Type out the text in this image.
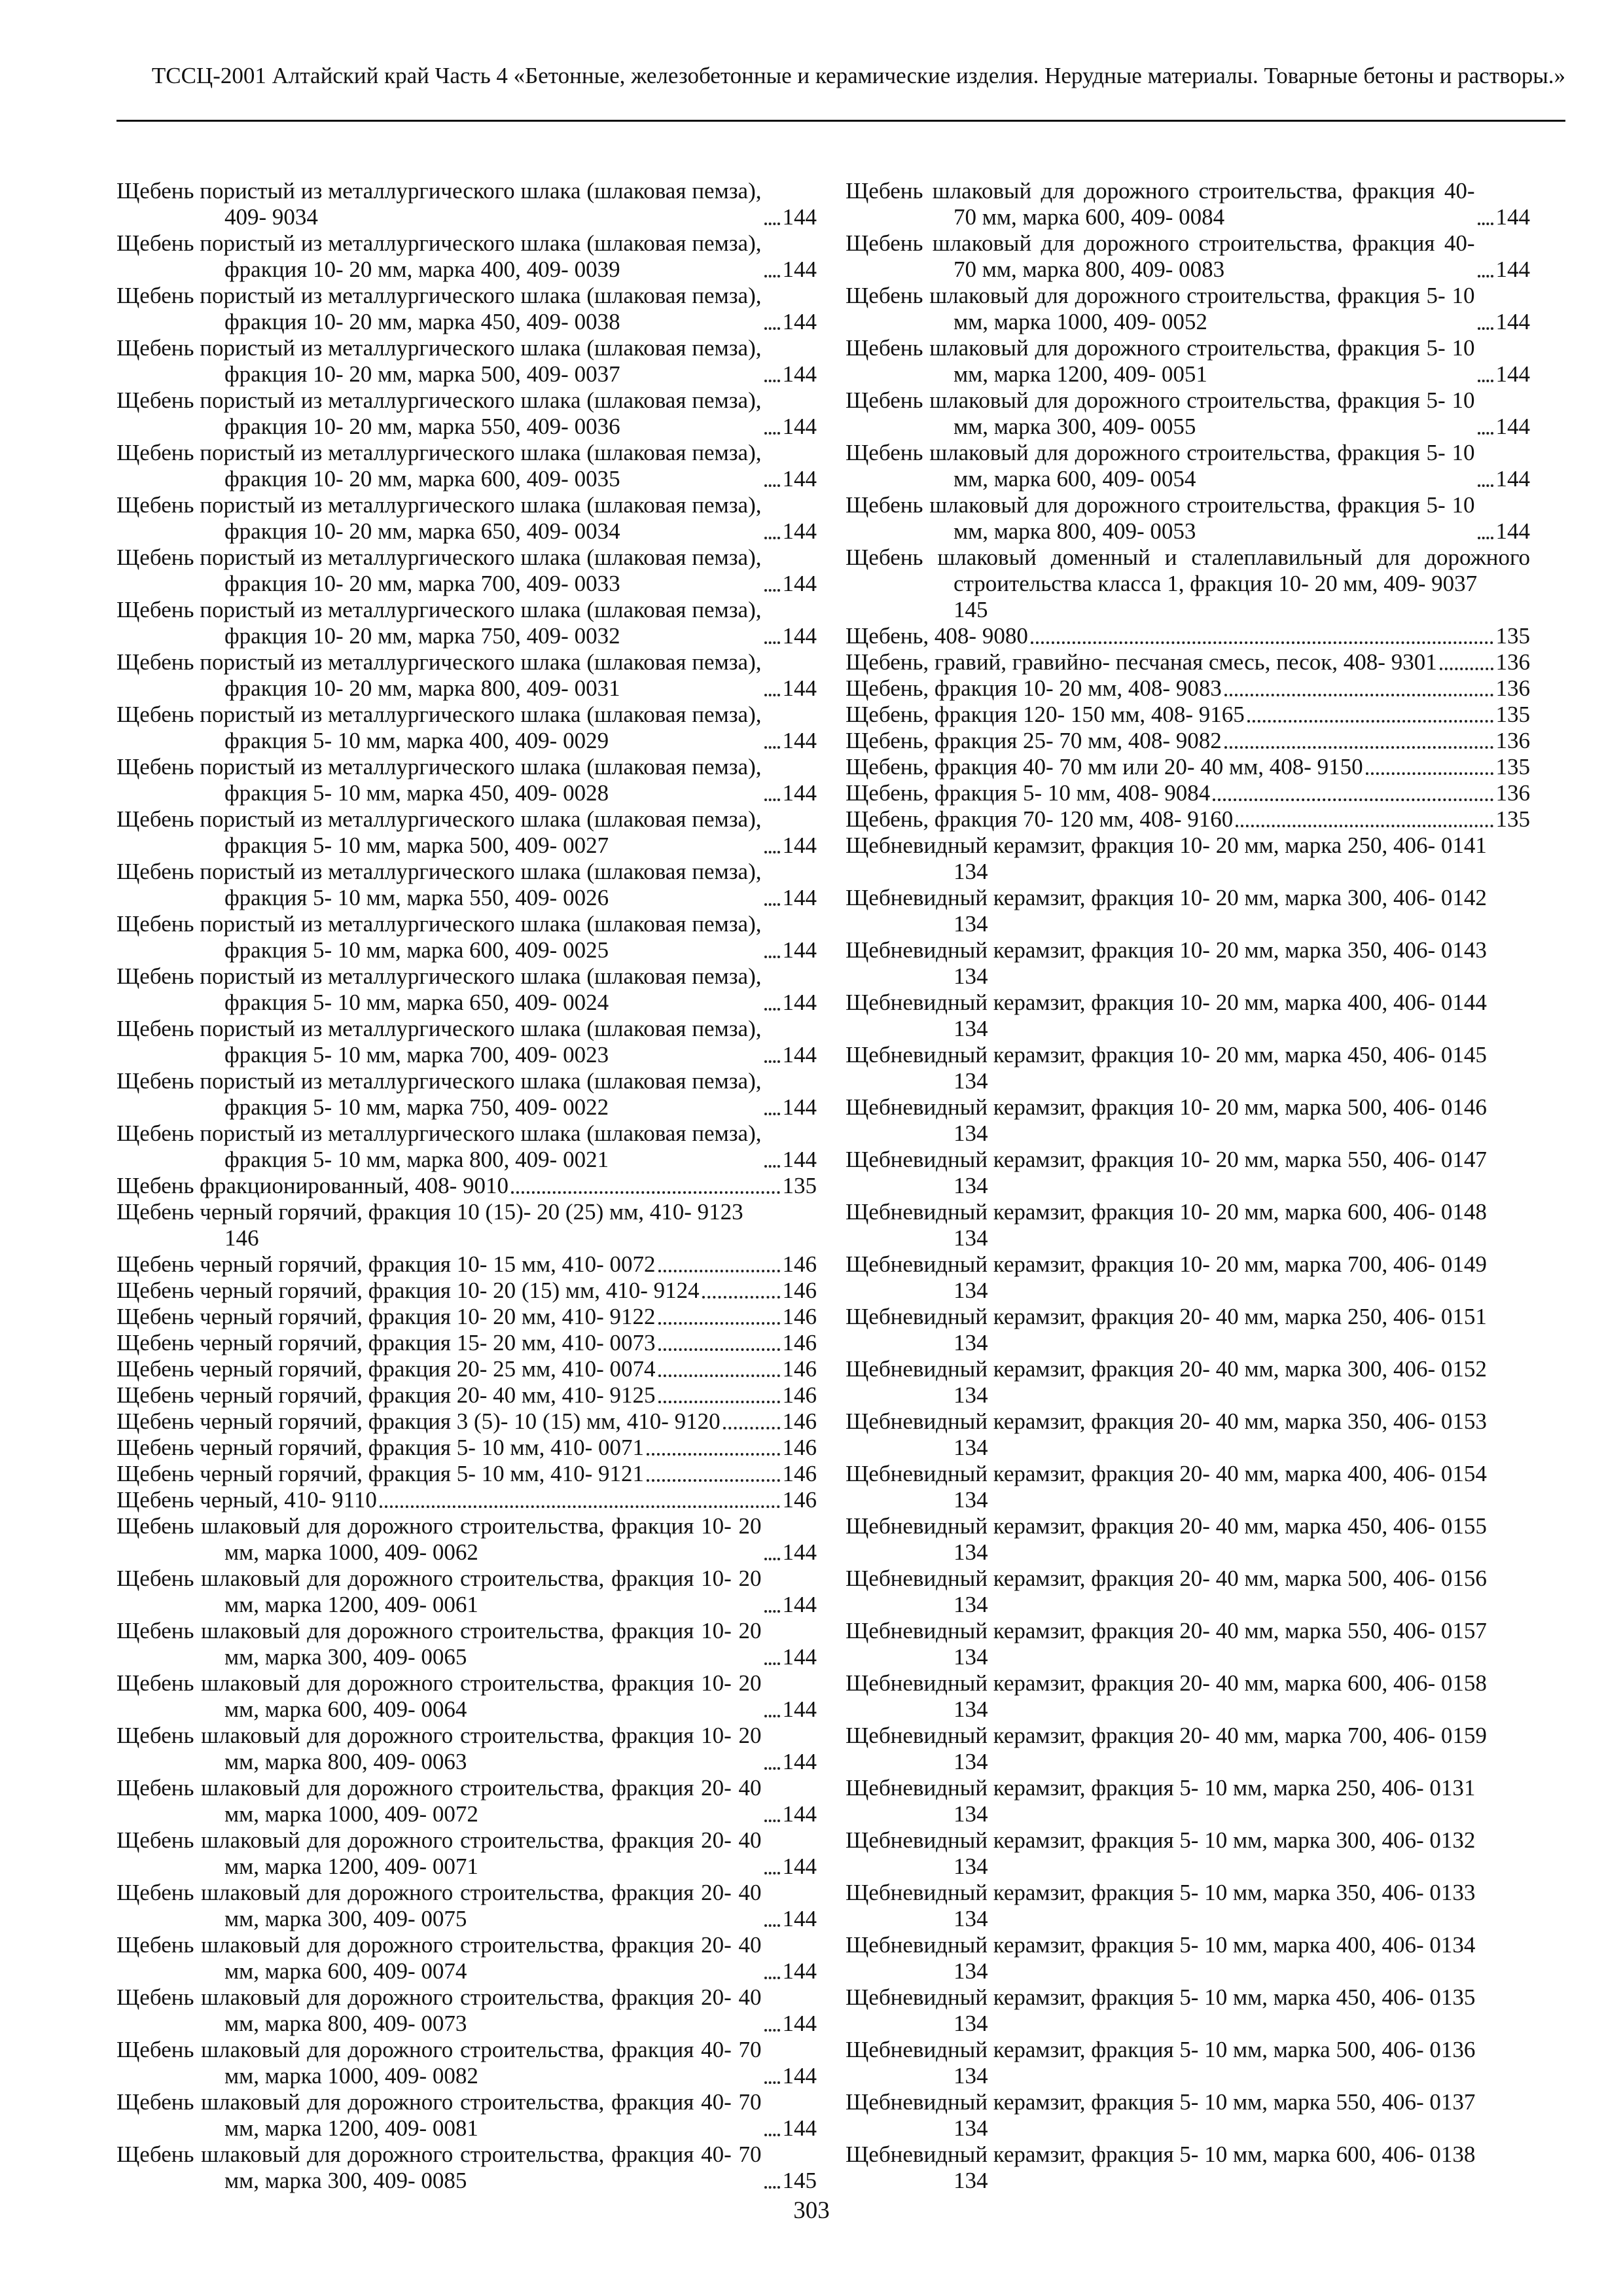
ТССЦ-2001 Алтайский край Часть 4 «Бетонные, железобетонные и керамические изделия. Нерудные материалы. Товарные бетоны и растворы.»
Щебень пористый из металлургического шлака (шлаковая пемза), 409- 9034	144
Щебень пористый из металлургического шлака (шлаковая пемза), фракция 10- 20 мм, марка 400, 409- 0039	144
Щебень пористый из металлургического шлака (шлаковая пемза), фракция 10- 20 мм, марка 450, 409- 0038	144
Щебень пористый из металлургического шлака (шлаковая пемза), фракция 10- 20 мм, марка 500, 409- 0037	144
Щебень пористый из металлургического шлака (шлаковая пемза), фракция 10- 20 мм, марка 550, 409- 0036	144
Щебень пористый из металлургического шлака (шлаковая пемза), фракция 10- 20 мм, марка 600, 409- 0035	144
Щебень пористый из металлургического шлака (шлаковая пемза), фракция 10- 20 мм, марка 650, 409- 0034	144
Щебень пористый из металлургического шлака (шлаковая пемза), фракция 10- 20 мм, марка 700, 409- 0033	144
Щебень пористый из металлургического шлака (шлаковая пемза), фракция 10- 20 мм, марка 750, 409- 0032	144
Щебень пористый из металлургического шлака (шлаковая пемза), фракция 10- 20 мм, марка 800, 409- 0031	144
Щебень пористый из металлургического шлака (шлаковая пемза), фракция 5- 10 мм, марка 400, 409- 0029	144
Щебень пористый из металлургического шлака (шлаковая пемза), фракция 5- 10 мм, марка 450, 409- 0028	144
Щебень пористый из металлургического шлака (шлаковая пемза), фракция 5- 10 мм, марка 500, 409- 0027	144
Щебень пористый из металлургического шлака (шлаковая пемза), фракция 5- 10 мм, марка 550, 409- 0026	144
Щебень пористый из металлургического шлака (шлаковая пемза), фракция 5- 10 мм, марка 600, 409- 0025	144
Щебень пористый из металлургического шлака (шлаковая пемза), фракция 5- 10 мм, марка 650, 409- 0024	144
Щебень пористый из металлургического шлака (шлаковая пемза), фракция 5- 10 мм, марка 700, 409- 0023	144
Щебень пористый из металлургического шлака (шлаковая пемза), фракция 5- 10 мм, марка 750, 409- 0022	144
Щебень пористый из металлургического шлака (шлаковая пемза), фракция 5- 10 мм, марка 800, 409- 0021	144
Щебень фракционированный, 408- 9010	135
Щебень черный горячий, фракция 10 (15)- 20 (25) мм, 410- 9123
146
Щебень черный горячий, фракция 10- 15 мм, 410- 0072	146
Щебень черный горячий, фракция 10- 20 (15) мм, 410- 9124	146
Щебень черный горячий, фракция 10- 20 мм, 410- 9122	146
Щебень черный горячий, фракция 15- 20 мм, 410- 0073	146
Щебень черный горячий, фракция 20- 25 мм, 410- 0074	146
Щебень черный горячий, фракция 20- 40 мм, 410- 9125	146
Щебень черный горячий, фракция 3 (5)- 10 (15) мм, 410- 9120	146
Щебень черный горячий, фракция 5- 10 мм, 410- 0071	146
Щебень черный горячий, фракция 5- 10 мм, 410- 9121	146
Щебень черный, 410- 9110	146
Щебень шлаковый для дорожного строительства, фракция 10- 20 мм, марка 1000, 409- 0062	144
Щебень шлаковый для дорожного строительства, фракция 10- 20 мм, марка 1200, 409- 0061	144
Щебень шлаковый для дорожного строительства, фракция 10- 20 мм, марка 300, 409- 0065	144
Щебень шлаковый для дорожного строительства, фракция 10- 20 мм, марка 600, 409- 0064	144
Щебень шлаковый для дорожного строительства, фракция 10- 20 мм, марка 800, 409- 0063	144
Щебень шлаковый для дорожного строительства, фракция 20- 40 мм, марка 1000, 409- 0072	144
Щебень шлаковый для дорожного строительства, фракция 20- 40 мм, марка 1200, 409- 0071	144
Щебень шлаковый для дорожного строительства, фракция 20- 40 мм, марка 300, 409- 0075	144
Щебень шлаковый для дорожного строительства, фракция 20- 40 мм, марка 600, 409- 0074	144
Щебень шлаковый для дорожного строительства, фракция 20- 40 мм, марка 800, 409- 0073	144
Щебень шлаковый для дорожного строительства, фракция 40- 70 мм, марка 1000, 409- 0082	144
Щебень шлаковый для дорожного строительства, фракция 40- 70 мм, марка 1200, 409- 0081	144
Щебень шлаковый для дорожного строительства, фракция 40- 70 мм, марка 300, 409- 0085	145
Щебень шлаковый для дорожного строительства, фракция 40- 70 мм, марка 600, 409- 0084	144
Щебень шлаковый для дорожного строительства, фракция 40- 70 мм, марка 800, 409- 0083	144
Щебень шлаковый для дорожного строительства, фракция 5- 10 мм, марка 1000, 409- 0052	144
Щебень шлаковый для дорожного строительства, фракция 5- 10 мм, марка 1200, 409- 0051	144
Щебень шлаковый для дорожного строительства, фракция 5- 10 мм, марка 300, 409- 0055	144
Щебень шлаковый для дорожного строительства, фракция 5- 10 мм, марка 600, 409- 0054	144
Щебень шлаковый для дорожного строительства, фракция 5- 10 мм, марка 800, 409- 0053	144
Щебень шлаковый доменный и сталеплавильный для дорожного строительства класса 1, фракция 10- 20 мм, 409- 9037
145
Щебень, 408- 9080	135
Щебень, гравий, гравийно- песчаная смесь, песок, 408- 9301	136
Щебень, фракция 10- 20 мм, 408- 9083	136
Щебень, фракция 120- 150 мм, 408- 9165	135
Щебень, фракция 25- 70 мм, 408- 9082	136
Щебень, фракция 40- 70 мм или 20- 40 мм, 408- 9150	135
Щебень, фракция 5- 10 мм, 408- 9084	136
Щебень, фракция 70- 120 мм, 408- 9160	135
Щебневидный керамзит, фракция 10- 20 мм, марка 250, 406- 0141
134
Щебневидный керамзит, фракция 10- 20 мм, марка 300, 406- 0142
134
Щебневидный керамзит, фракция 10- 20 мм, марка 350, 406- 0143
134
Щебневидный керамзит, фракция 10- 20 мм, марка 400, 406- 0144
134
Щебневидный керамзит, фракция 10- 20 мм, марка 450, 406- 0145
134
Щебневидный керамзит, фракция 10- 20 мм, марка 500, 406- 0146
134
Щебневидный керамзит, фракция 10- 20 мм, марка 550, 406- 0147
134
Щебневидный керамзит, фракция 10- 20 мм, марка 600, 406- 0148
134
Щебневидный керамзит, фракция 10- 20 мм, марка 700, 406- 0149
134
Щебневидный керамзит, фракция 20- 40 мм, марка 250, 406- 0151
134
Щебневидный керамзит, фракция 20- 40 мм, марка 300, 406- 0152
134
Щебневидный керамзит, фракция 20- 40 мм, марка 350, 406- 0153
134
Щебневидный керамзит, фракция 20- 40 мм, марка 400, 406- 0154
134
Щебневидный керамзит, фракция 20- 40 мм, марка 450, 406- 0155
134
Щебневидный керамзит, фракция 20- 40 мм, марка 500, 406- 0156
134
Щебневидный керамзит, фракция 20- 40 мм, марка 550, 406- 0157
134
Щебневидный керамзит, фракция 20- 40 мм, марка 600, 406- 0158
134
Щебневидный керамзит, фракция 20- 40 мм, марка 700, 406- 0159
134
Щебневидный керамзит, фракция 5- 10 мм, марка 250, 406- 0131
134
Щебневидный керамзит, фракция 5- 10 мм, марка 300, 406- 0132
134
Щебневидный керамзит, фракция 5- 10 мм, марка 350, 406- 0133
134
Щебневидный керамзит, фракция 5- 10 мм, марка 400, 406- 0134
134
Щебневидный керамзит, фракция 5- 10 мм, марка 450, 406- 0135
134
Щебневидный керамзит, фракция 5- 10 мм, марка 500, 406- 0136
134
Щебневидный керамзит, фракция 5- 10 мм, марка 550, 406- 0137
134
Щебневидный керамзит, фракция 5- 10 мм, марка 600, 406- 0138
134
303
